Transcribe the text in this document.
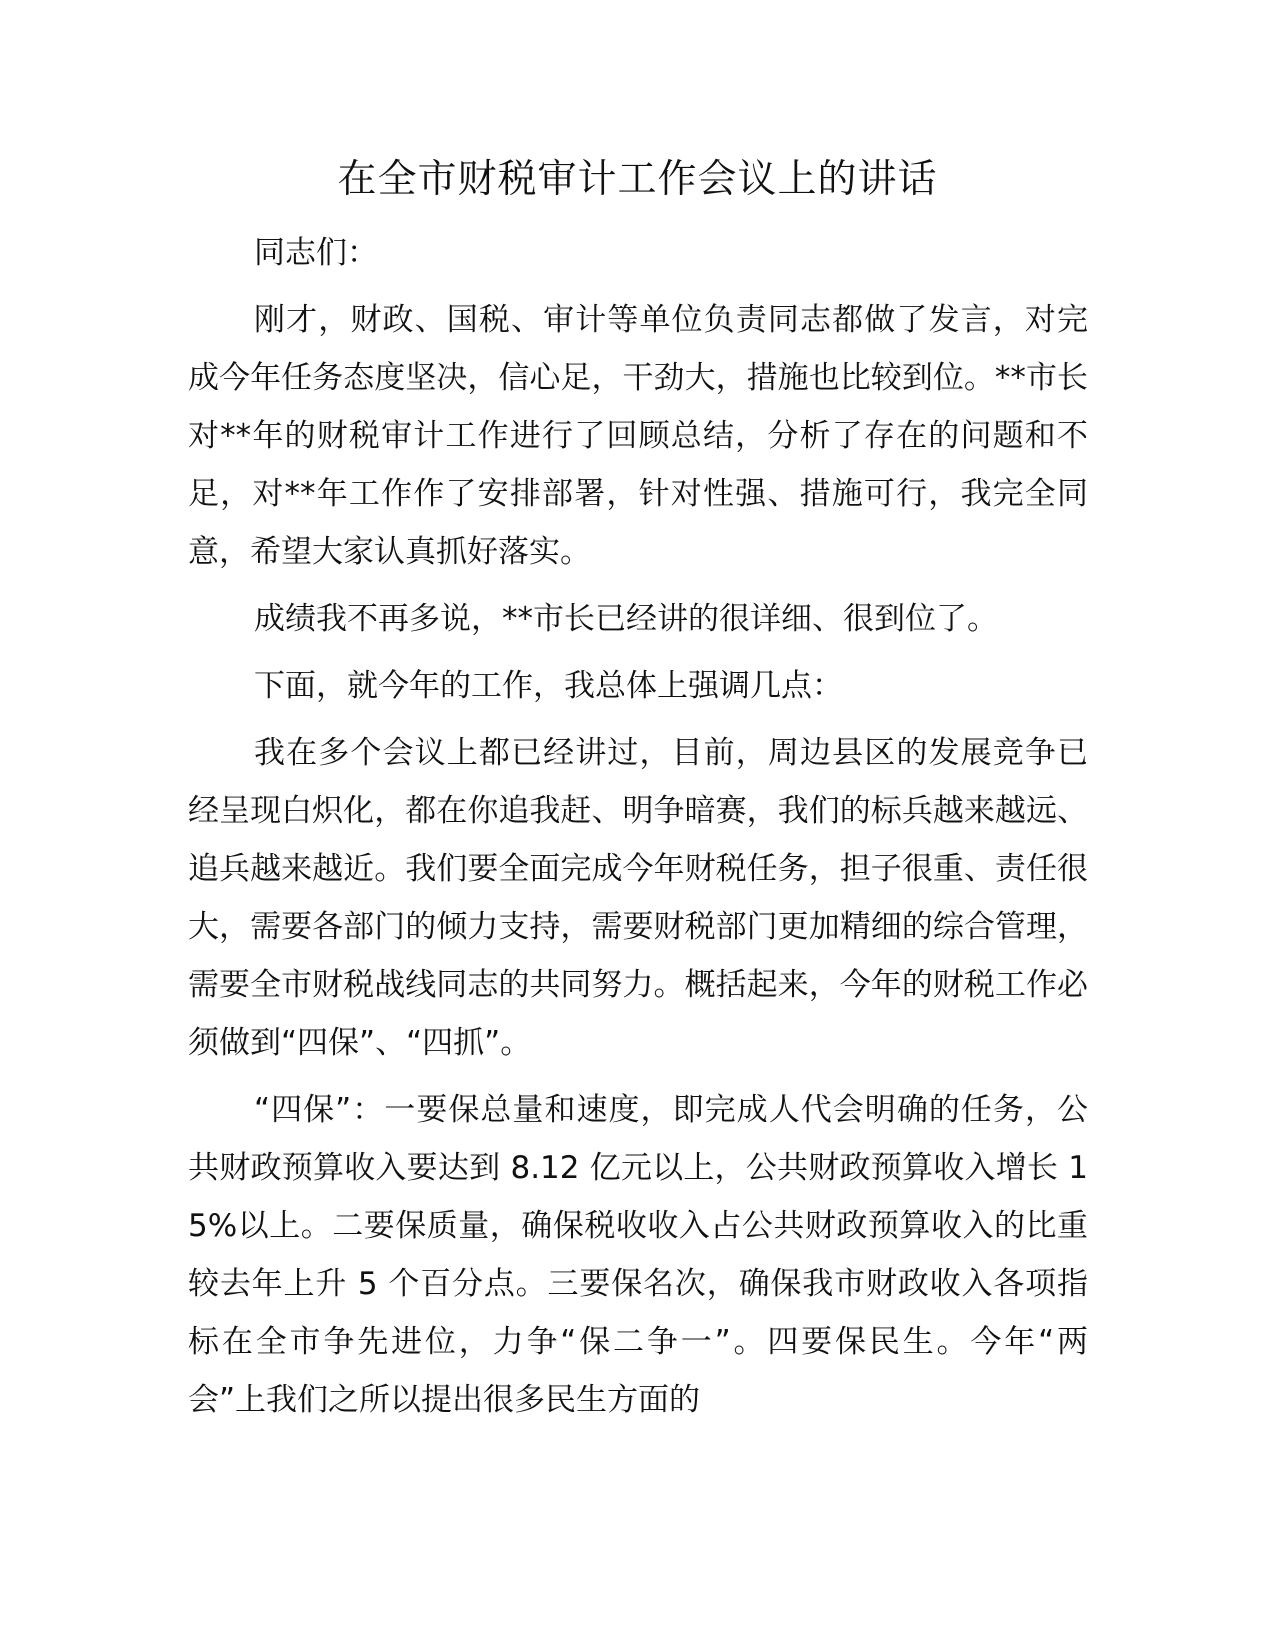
在全市财税审计工作会议上的讲话

同志们：

刚才，财政、国税、审计等单位负责同志都做了发言，对完成今年任务态度坚决，信心足，干劲大，措施也比较到位。**市长对**年的财税审计工作进行了回顾总结，分析了存在的问题和不足，对**年工作作了安排部署，针对性强、措施可行，我完全同意，希望大家认真抓好落实。

成绩我不再多说，**市长已经讲的很详细、很到位了。

下面，就今年的工作，我总体上强调几点：

我在多个会议上都已经讲过，目前，周边县区的发展竞争已经呈现白炽化，都在你追我赶、明争暗赛，我们的标兵越来越远、追兵越来越近。我们要全面完成今年财税任务，担子很重、责任很大，需要各部门的倾力支持，需要财税部门更加精细的综合管理，需要全市财税战线同志的共同努力。概括起来，今年的财税工作必须做到“四保”、“四抓”。

“四保”：一要保总量和速度，即完成人代会明确的任务，公共财政预算收入要达到 8.12 亿元以上，公共财政预算收入增长 15%以上。二要保质量，确保税收收入占公共财政预算收入的比重较去年上升 5 个百分点。三要保名次，确保我市财政收入各项指标在全市争先进位，力争“保二争一”。四要保民生。今年“两会”上我们之所以提出很多民生方面的
